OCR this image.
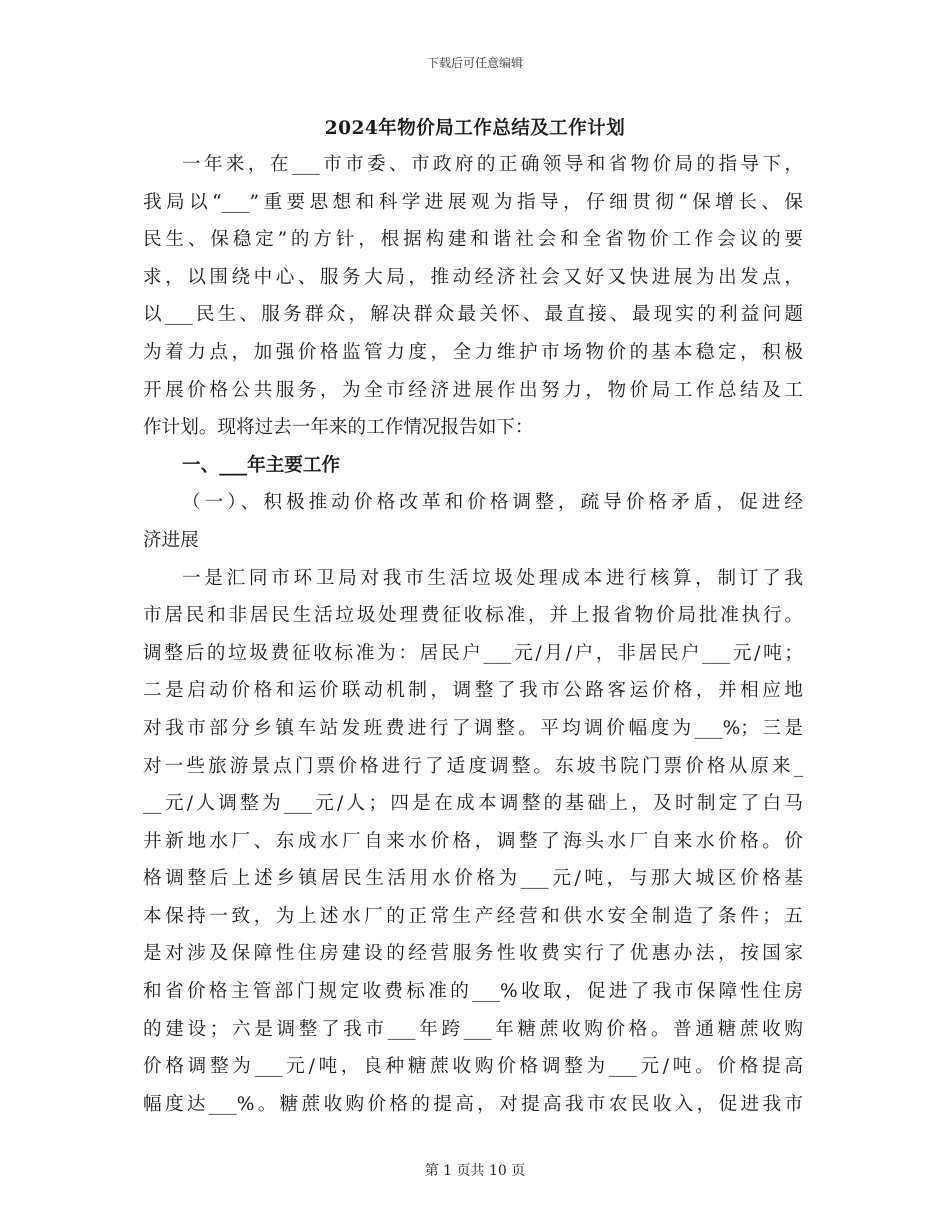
下载后可任意编辑
2024年物价局工作总结及工作计划
一年来，在___市市委、市政府的正确领导和省物价局的指导下，
我局以“___”重要思想和科学进展观为指导，仔细贯彻“保增长、保
民生、保稳定”的方针，根据构建和谐社会和全省物价工作会议的要
求，以围绕中心、服务大局，推动经济社会又好又快进展为出发点，
以___民生、服务群众，解决群众最关怀、最直接、最现实的利益问题
为着力点，加强价格监管力度，全力维护市场物价的基本稳定，积极
开展价格公共服务，为全市经济进展作出努力，物价局工作总结及工
作计划。现将过去一年来的工作情况报告如下：
一、___年主要工作
（一）、积极推动价格改革和价格调整，疏导价格矛盾，促进经
济进展
一是汇同市环卫局对我市生活垃圾处理成本进行核算，制订了我
市居民和非居民生活垃圾处理费征收标准，并上报省物价局批准执行。
调整后的垃圾费征收标准为：居民户___元/月/户，非居民户___元/吨；
二是启动价格和运价联动机制，调整了我市公路客运价格，并相应地
对我市部分乡镇车站发班费进行了调整。平均调价幅度为___%；三是
对一些旅游景点门票价格进行了适度调整。东坡书院门票价格从原来_
__元/人调整为___元/人；四是在成本调整的基础上，及时制定了白马
井新地水厂、东成水厂自来水价格，调整了海头水厂自来水价格。价
格调整后上述乡镇居民生活用水价格为___元/吨，与那大城区价格基
本保持一致，为上述水厂的正常生产经营和供水安全制造了条件；五
是对涉及保障性住房建设的经营服务性收费实行了优惠办法，按国家
和省价格主管部门规定收费标准的___%收取，促进了我市保障性住房
的建设；六是调整了我市___年跨___年糖蔗收购价格。普通糖蔗收购
价格调整为___元/吨，良种糖蔗收购价格调整为___元/吨。价格提高
幅度达___%。糖蔗收购价格的提高，对提高我市农民收入，促进我市
第 1 页共 10 页
